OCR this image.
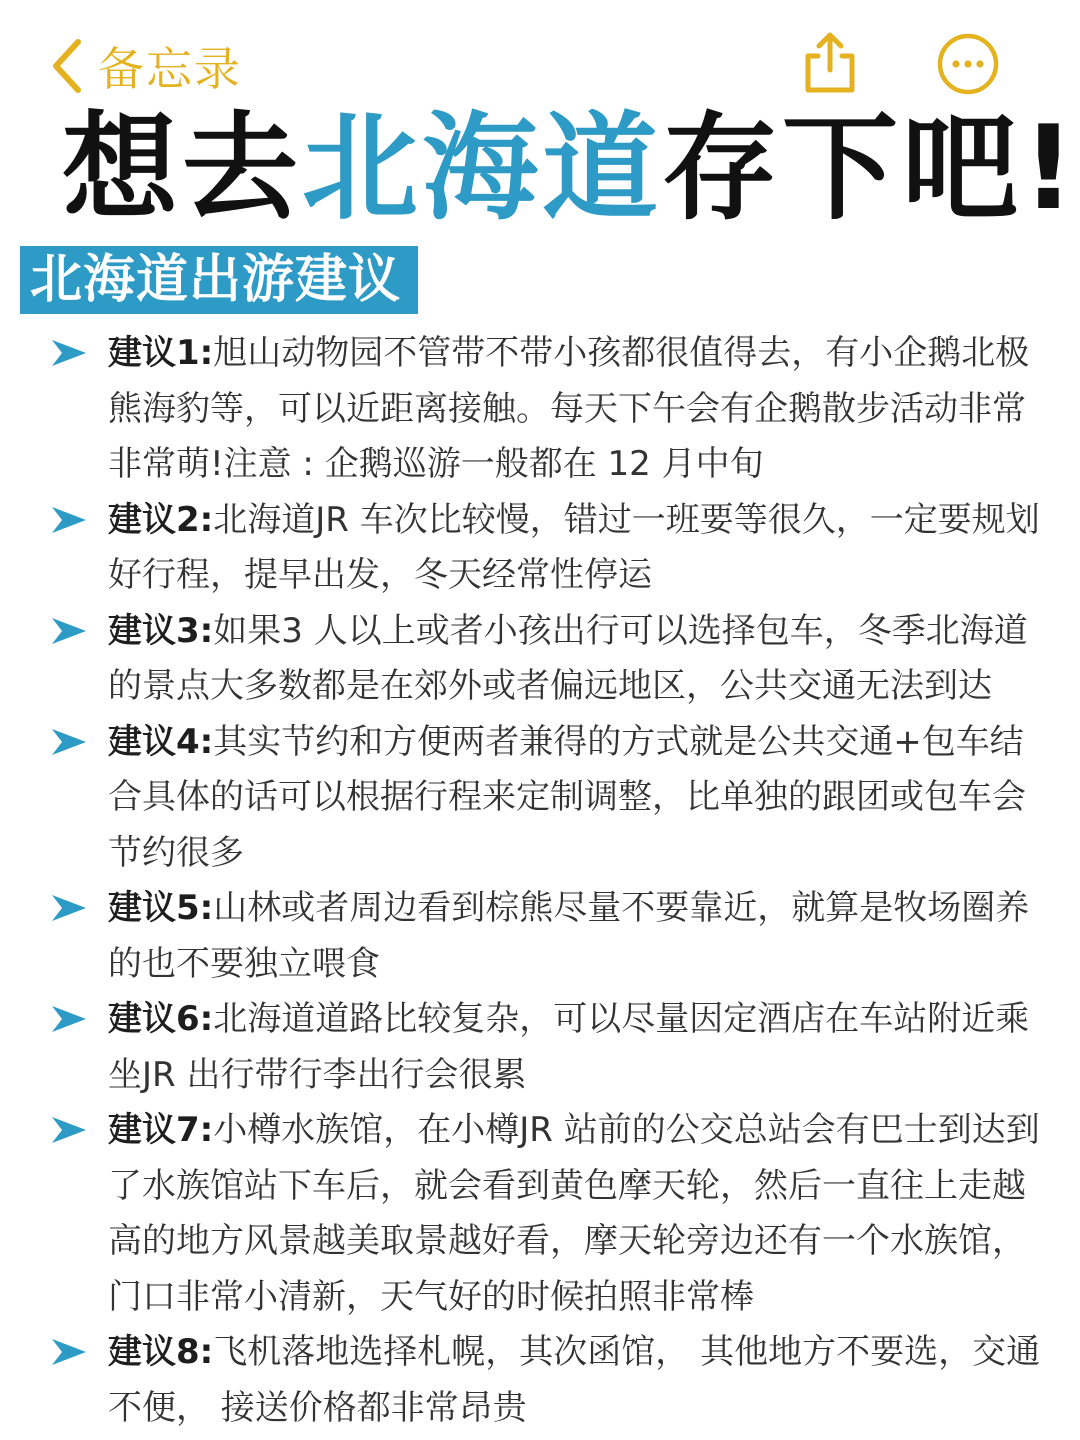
备忘录
想去北海道存下吧!
北海道出游建议
建议1:旭山动物园不管带不带小孩都很值得去，有小企鹅北极熊海豹等，可以近距离接触。每天下午会有企鹅散步活动非常非常萌!注意 : 企鹅巡游一般都在 12 月中旬
建议2:北海道JR 车次比较慢，错过一班要等很久，一定要规划好行程，提早出发，冬天经常性停运
建议3:如果3 人以上或者小孩出行可以选择包车，冬季北海道的景点大多数都是在郊外或者偏远地区，公共交通无法到达
建议4:其实节约和方便两者兼得的方式就是公共交通+包车结合具体的话可以根据行程来定制调整，比单独的跟团或包车会节约很多
建议5:山林或者周边看到棕熊尽量不要靠近，就算是牧场圈养的也不要独立喂食
建议6:北海道道路比较复杂，可以尽量因定酒店在车站附近乘坐JR 出行带行李出行会很累
建议7:小樽水族馆，在小樽JR 站前的公交总站会有巴士到达到了水族馆站下车后，就会看到黄色摩天轮，然后一直往上走越高的地方风景越美取景越好看，摩天轮旁边还有一个水族馆，门口非常小清新，天气好的时候拍照非常棒
建议8:飞机落地选择札幌，其次函馆， 其他地方不要选，交通不便， 接送价格都非常昂贵
